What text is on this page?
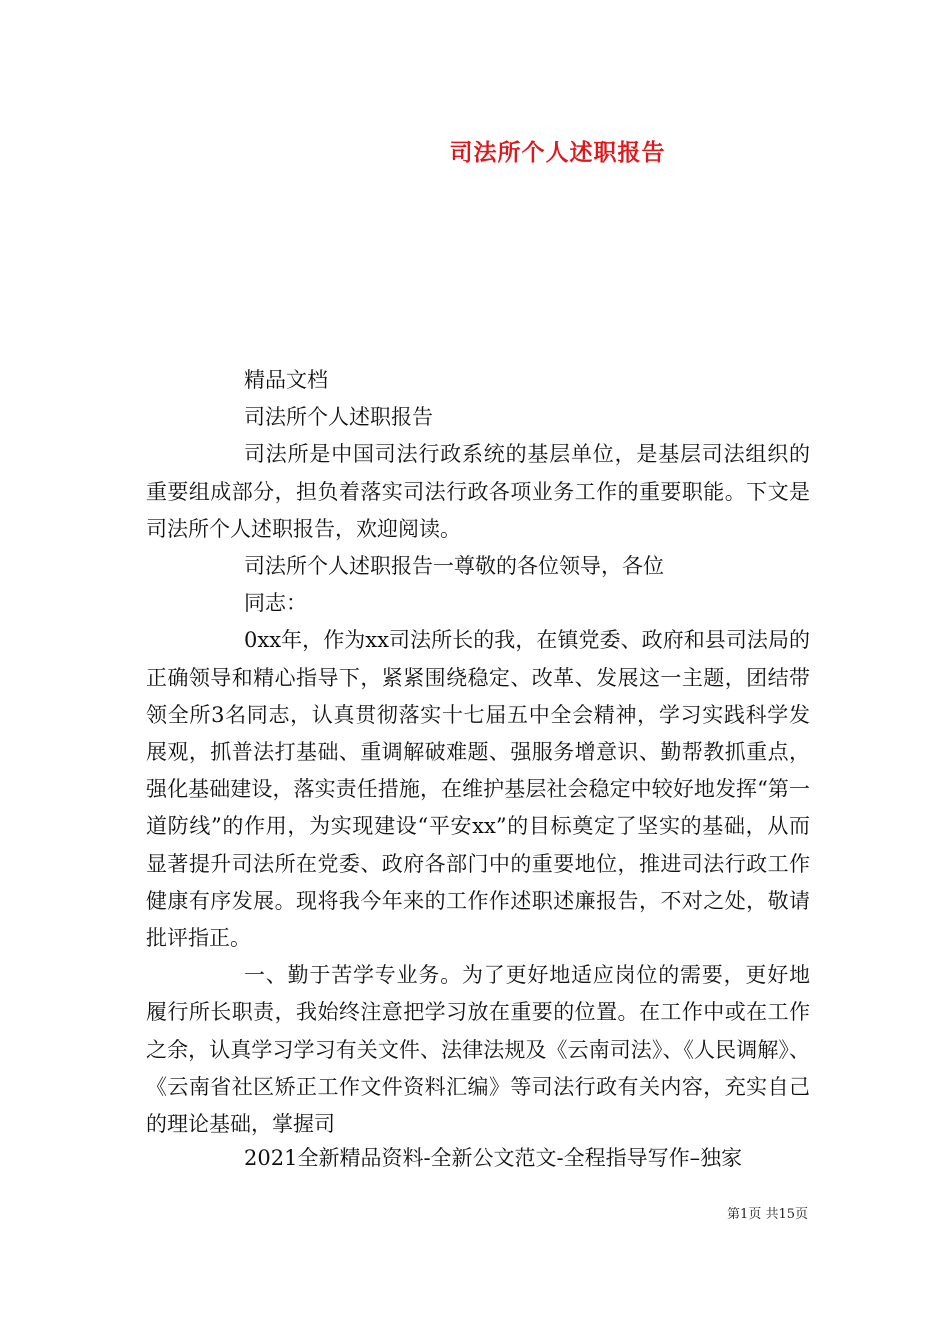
司法所个人述职报告

精品文档

司法所个人述职报告

司法所是中国司法行政系统的基层单位，是基层司法组织的重要组成部分，担负着落实司法行政各项业务工作的重要职能。下文是司法所个人述职报告，欢迎阅读。

司法所个人述职报告一尊敬的各位领导，各位

同志：

0xx年，作为xx司法所长的我，在镇党委、政府和县司法局的正确领导和精心指导下，紧紧围绕稳定、改革、发展这一主题，团结带领全所3名同志，认真贯彻落实十七届五中全会精神，学习实践科学发展观，抓普法打基础、重调解破难题、强服务增意识、勤帮教抓重点，强化基础建设，落实责任措施，在维护基层社会稳定中较好地发挥“第一道防线”的作用，为实现建设“平安xx”的目标奠定了坚实的基础，从而显著提升司法所在党委、政府各部门中的重要地位，推进司法行政工作健康有序发展。现将我今年来的工作作述职述廉报告，不对之处，敬请批评指正。

一、勤于苦学专业务。为了更好地适应岗位的需要，更好地履行所长职责，我始终注意把学习放在重要的位置。在工作中或在工作之余，认真学习学习有关文件、法律法规及《云南司法》、《人民调解》、《云南省社区矫正工作文件资料汇编》等司法行政有关内容，充实自己的理论基础，掌握司

2021全新精品资料-全新公文范文-全程指导写作–独家
第1页 共15页
